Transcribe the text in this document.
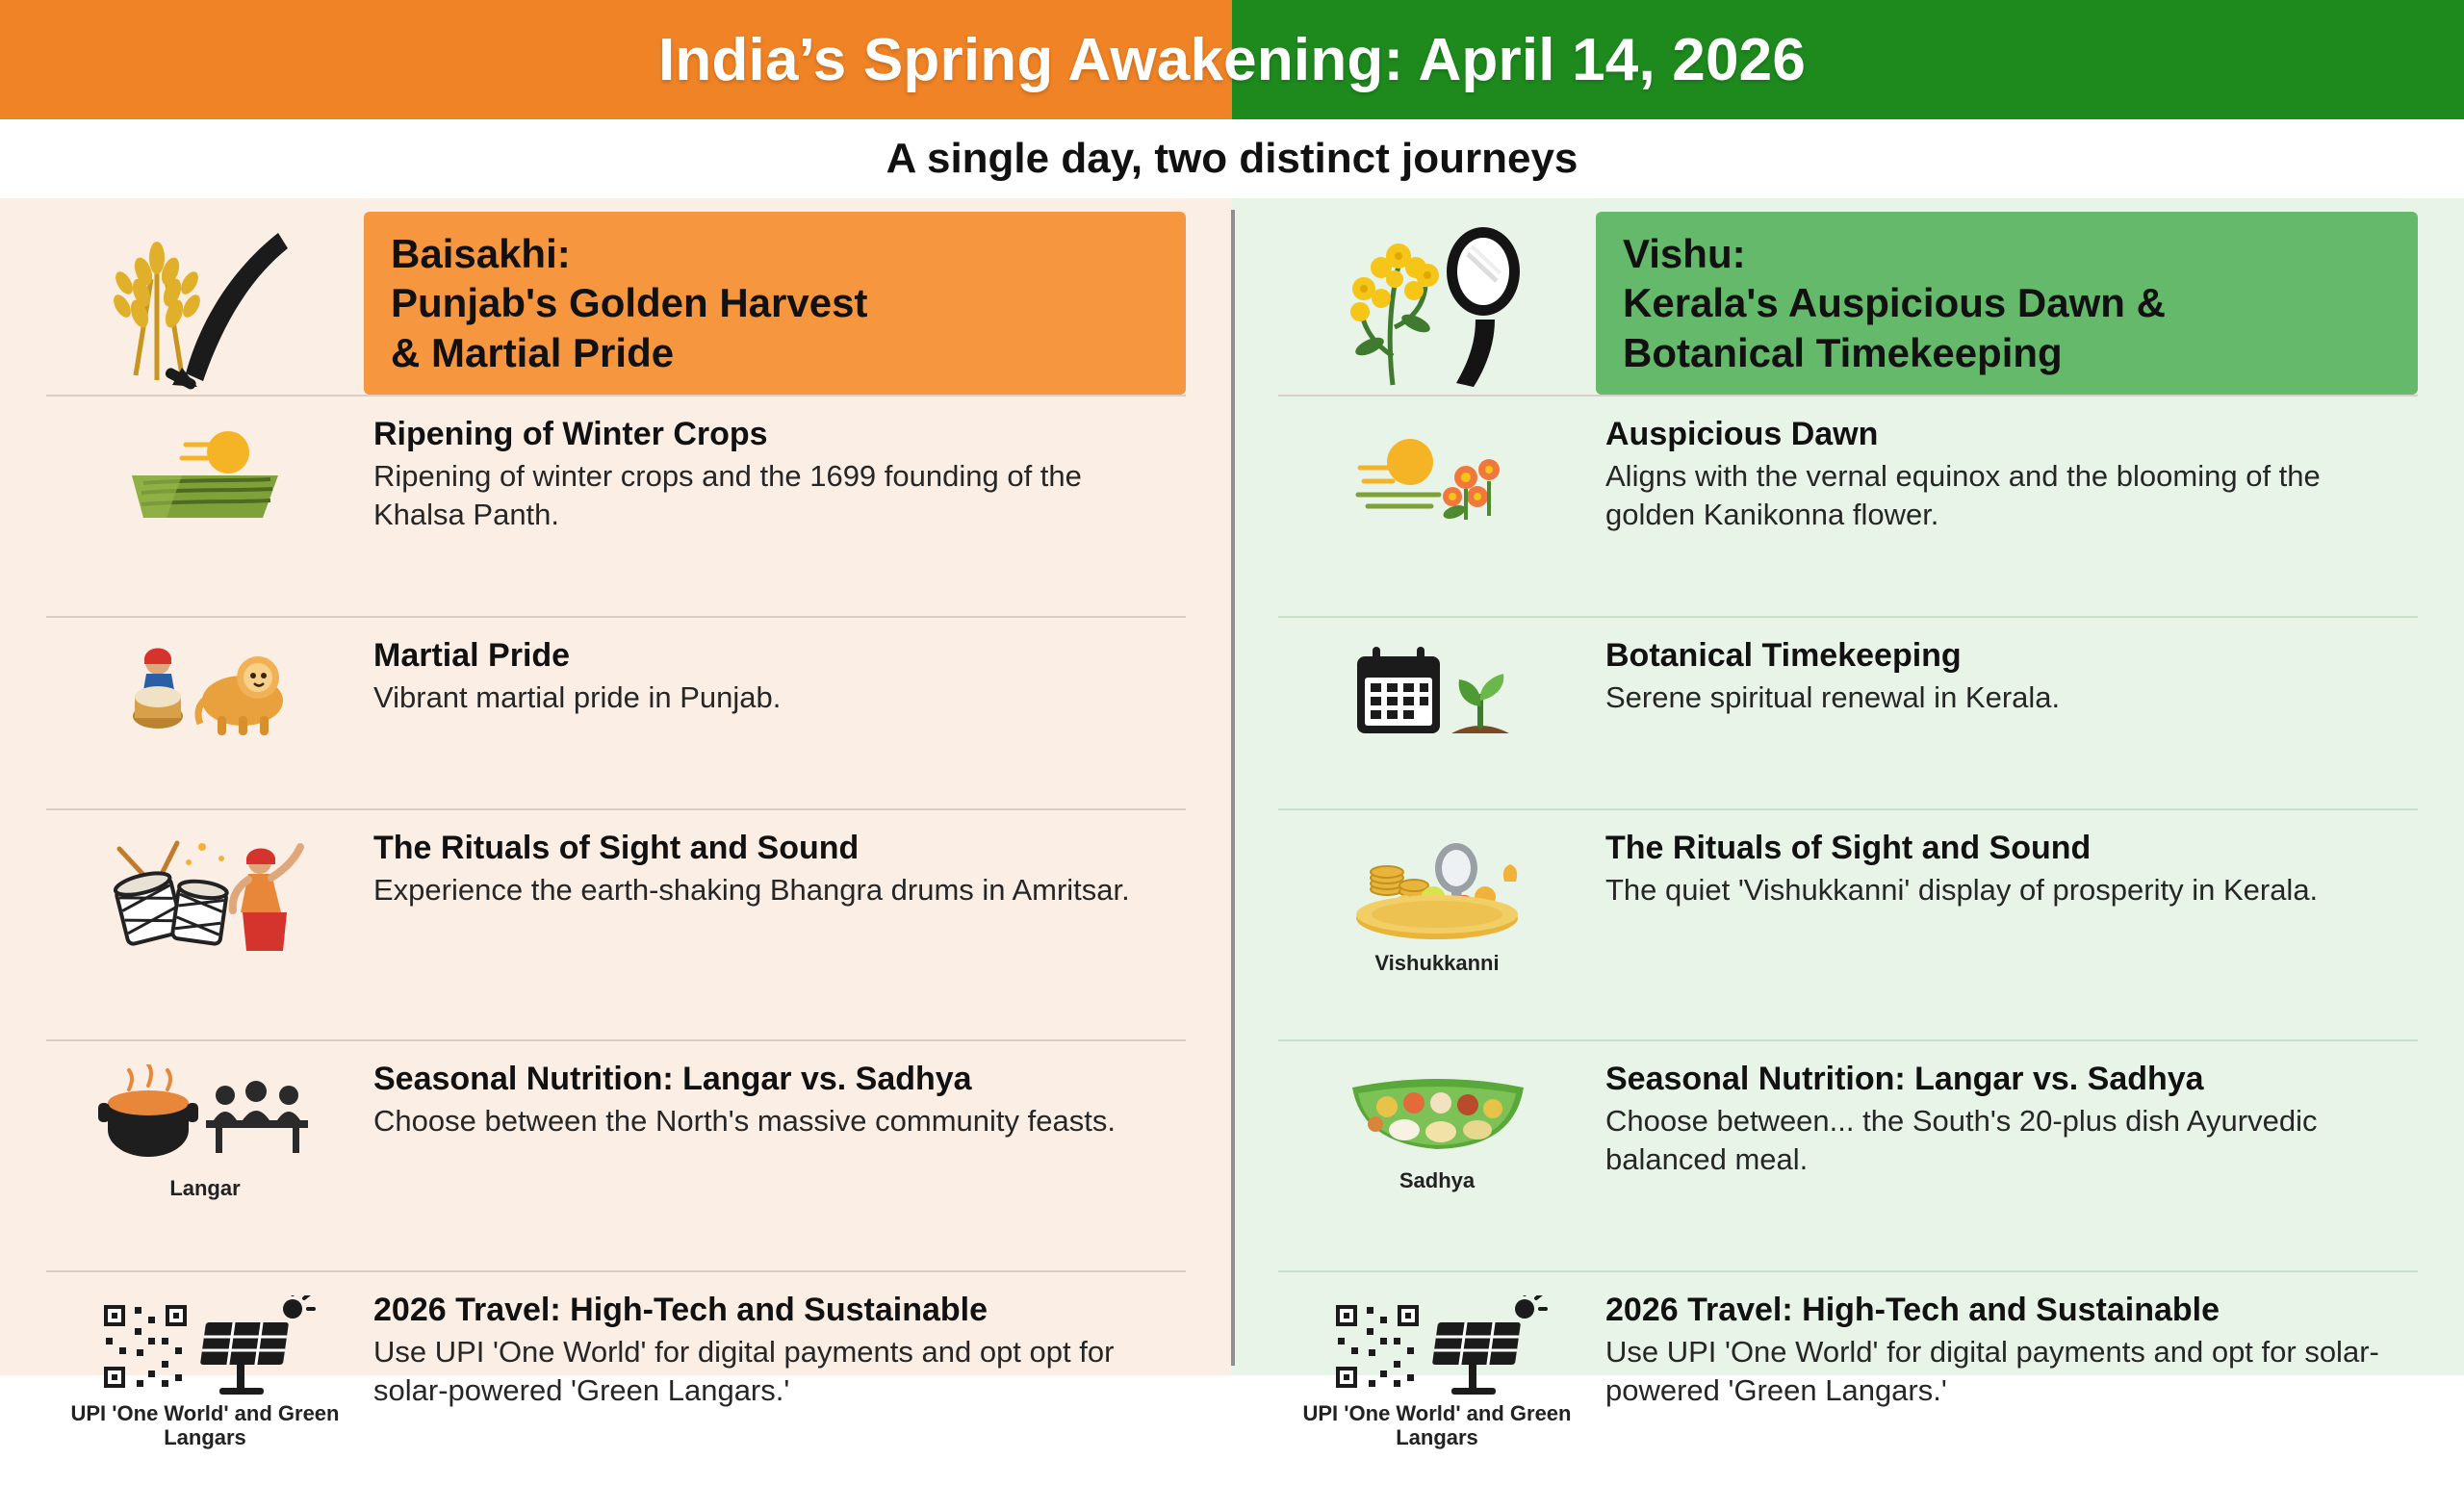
India’s Spring Awakening: April 14, 2026
A single day, two distinct journeys
Baisakhi:
Punjab's Golden Harvest
& Martial Pride
Ripening of Winter Crops
Ripening of winter crops and the 1699 founding of the Khalsa Panth.
Martial Pride
Vibrant martial pride in Punjab.
The Rituals of Sight and Sound
Experience the earth-shaking Bhangra drums in Amritsar.
Langar
Seasonal Nutrition: Langar vs. Sadhya
Choose between the North's massive community feasts.
UPI 'One World' and Green Langars
2026 Travel: High-Tech and Sustainable
Use UPI 'One World' for digital payments and opt opt for solar-powered 'Green Langars.'
Vishu:
Kerala's Auspicious Dawn &
Botanical Timekeeping
Auspicious Dawn
Aligns with the vernal equinox and the blooming of the golden Kanikonna flower.
Botanical Timekeeping
Serene spiritual renewal in Kerala.
Vishukkanni
The Rituals of Sight and Sound
The quiet 'Vishukkanni' display of prosperity in Kerala.
Sadhya
Seasonal Nutrition: Langar vs. Sadhya
Choose between... the South's 20-plus dish Ayurvedic balanced meal.
UPI 'One World' and Green Langars
2026 Travel: High-Tech and Sustainable
Use UPI 'One World' for digital payments and opt for solar-powered 'Green Langars.'
